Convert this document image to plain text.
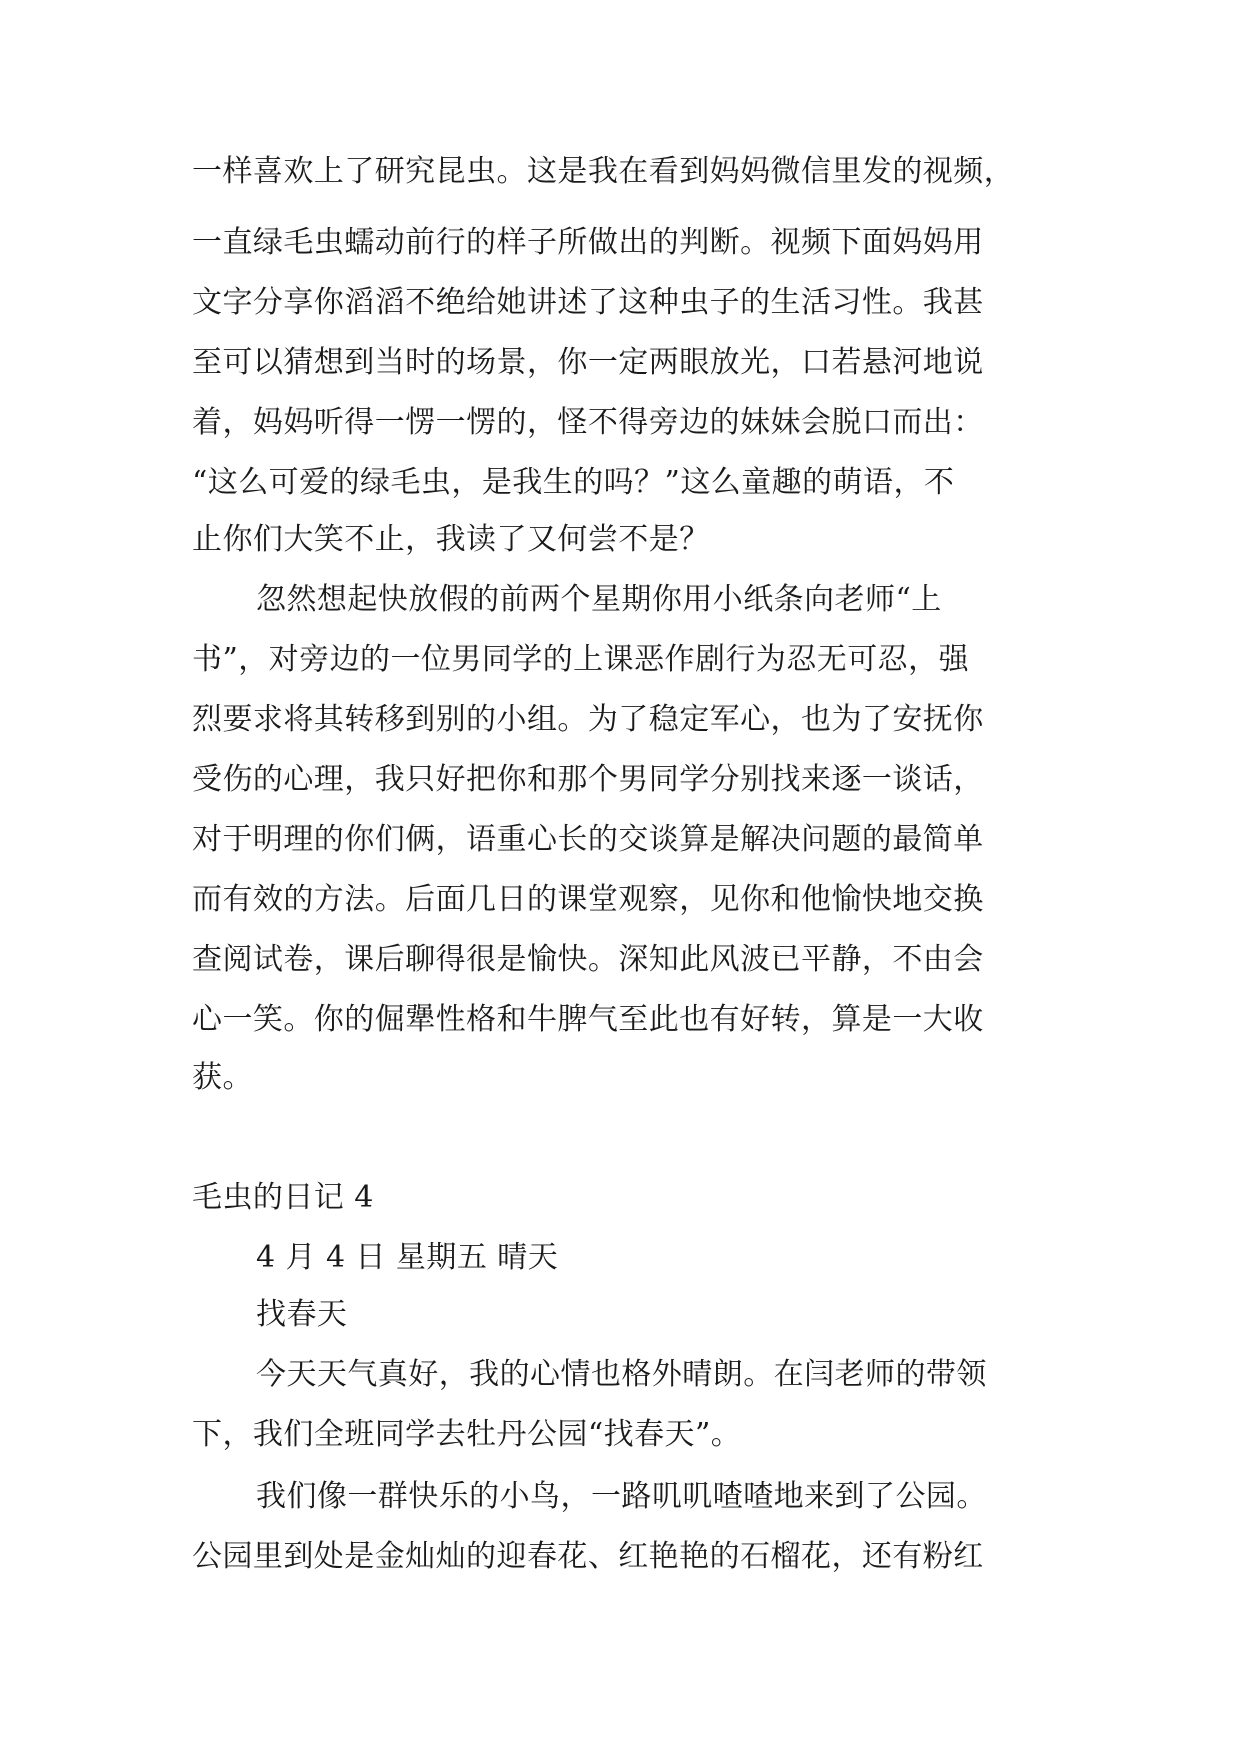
一样喜欢上了研究昆虫。这是我在看到妈妈微信里发的视频，

一直绿毛虫蠕动前行的样子所做出的判断。视频下面妈妈用

文字分享你滔滔不绝给她讲述了这种虫子的生活习性。我甚

至可以猜想到当时的场景，你一定两眼放光，口若悬河地说

着，妈妈听得一愣一愣的，怪不得旁边的妹妹会脱口而出：

“这么可爱的绿毛虫，是我生的吗？”这么童趣的萌语，不

止你们大笑不止，我读了又何尝不是？

忽然想起快放假的前两个星期你用小纸条向老师“上

书”，对旁边的一位男同学的上课恶作剧行为忍无可忍，强

烈要求将其转移到别的小组。为了稳定军心，也为了安抚你

受伤的心理，我只好把你和那个男同学分别找来逐一谈话，

对于明理的你们俩，语重心长的交谈算是解决问题的最简单

而有效的方法。后面几日的课堂观察，见你和他愉快地交换

查阅试卷，课后聊得很是愉快。深知此风波已平静，不由会

心一笑。你的倔犟性格和牛脾气至此也有好转，算是一大收

获。

毛虫的日记 4

4 月 4 日 星期五 晴天

找春天

今天天气真好，我的心情也格外晴朗。在闫老师的带领

下，我们全班同学去牡丹公园“找春天”。

我们像一群快乐的小鸟，一路叽叽喳喳地来到了公园。

公园里到处是金灿灿的迎春花、红艳艳的石榴花，还有粉红
